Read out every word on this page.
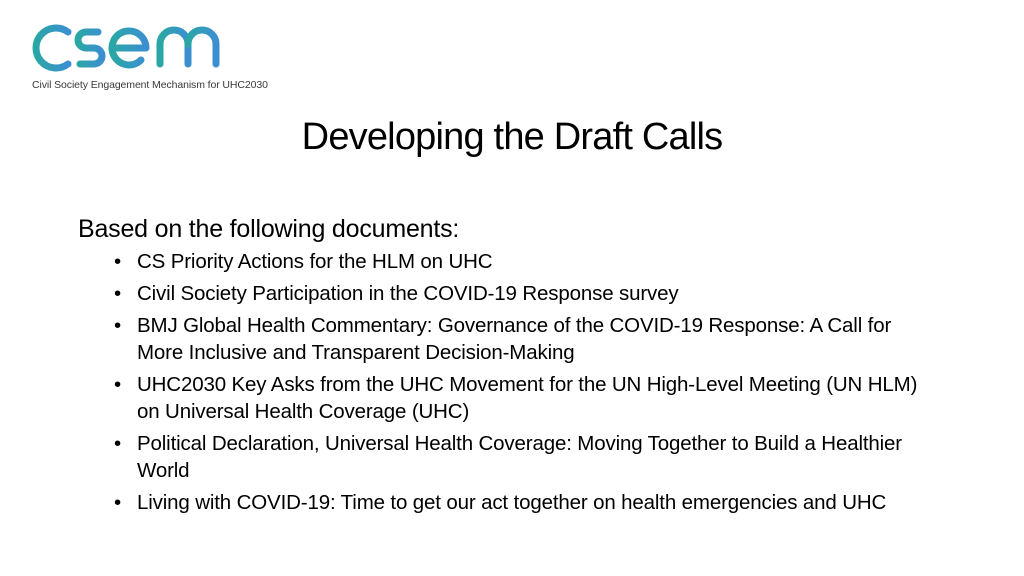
Civil Society Engagement Mechanism for UHC2030
Developing the Draft Calls

Based on the following documents:

• CS Priority Actions for the HLM on UHC
• Civil Society Participation in the COVID-19 Response survey
• BMJ Global Health Commentary: Governance of the COVID-19 Response: A Call for More Inclusive and Transparent Decision-Making
• UHC2030 Key Asks from the UHC Movement for the UN High-Level Meeting (UN HLM) on Universal Health Coverage (UHC)
• Political Declaration, Universal Health Coverage: Moving Together to Build a Healthier World
• Living with COVID-19: Time to get our act together on health emergencies and UHC
